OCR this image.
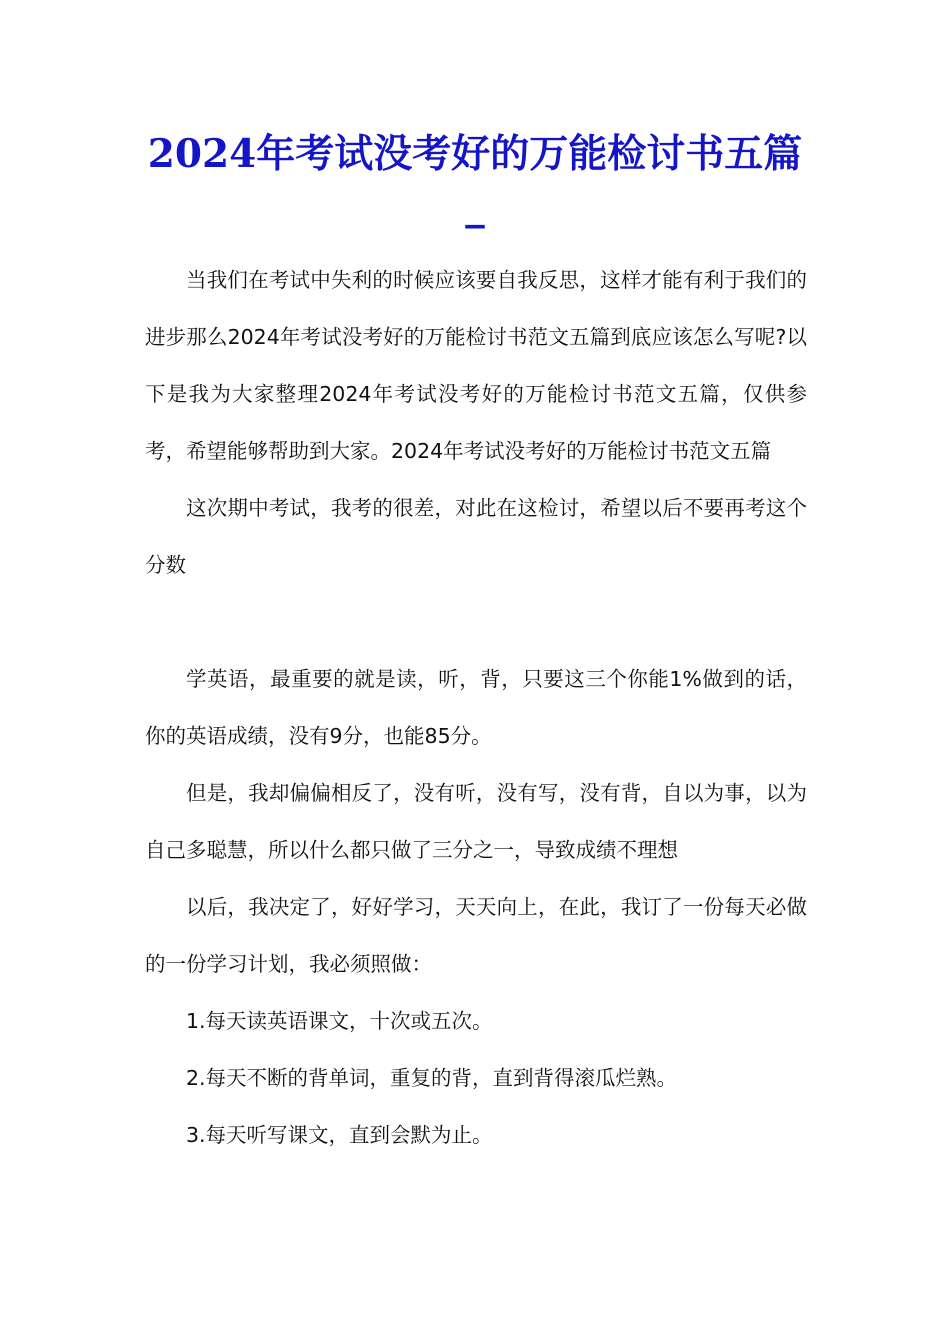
2024年考试没考好的万能检讨书五篇_

当我们在考试中失利的时候应该要自我反思，这样才能有利于我们的进步那么2024年考试没考好的万能检讨书范文五篇到底应该怎么写呢?以下是我为大家整理2024年考试没考好的万能检讨书范文五篇，仅供参考，希望能够帮助到大家。2024年考试没考好的万能检讨书范文五篇

这次期中考试，我考的很差，对此在这检讨，希望以后不要再考这个分数

学英语，最重要的就是读，听，背，只要这三个你能1%做到的话，你的英语成绩，没有9分，也能85分。

但是，我却偏偏相反了，没有听，没有写，没有背，自以为事，以为自己多聪慧，所以什么都只做了三分之一，导致成绩不理想

以后，我决定了，好好学习，天天向上，在此，我订了一份每天必做的一份学习计划，我必须照做：

1.每天读英语课文，十次或五次。

2.每天不断的背单词，重复的背，直到背得滚瓜烂熟。

3.每天听写课文，直到会默为止。
